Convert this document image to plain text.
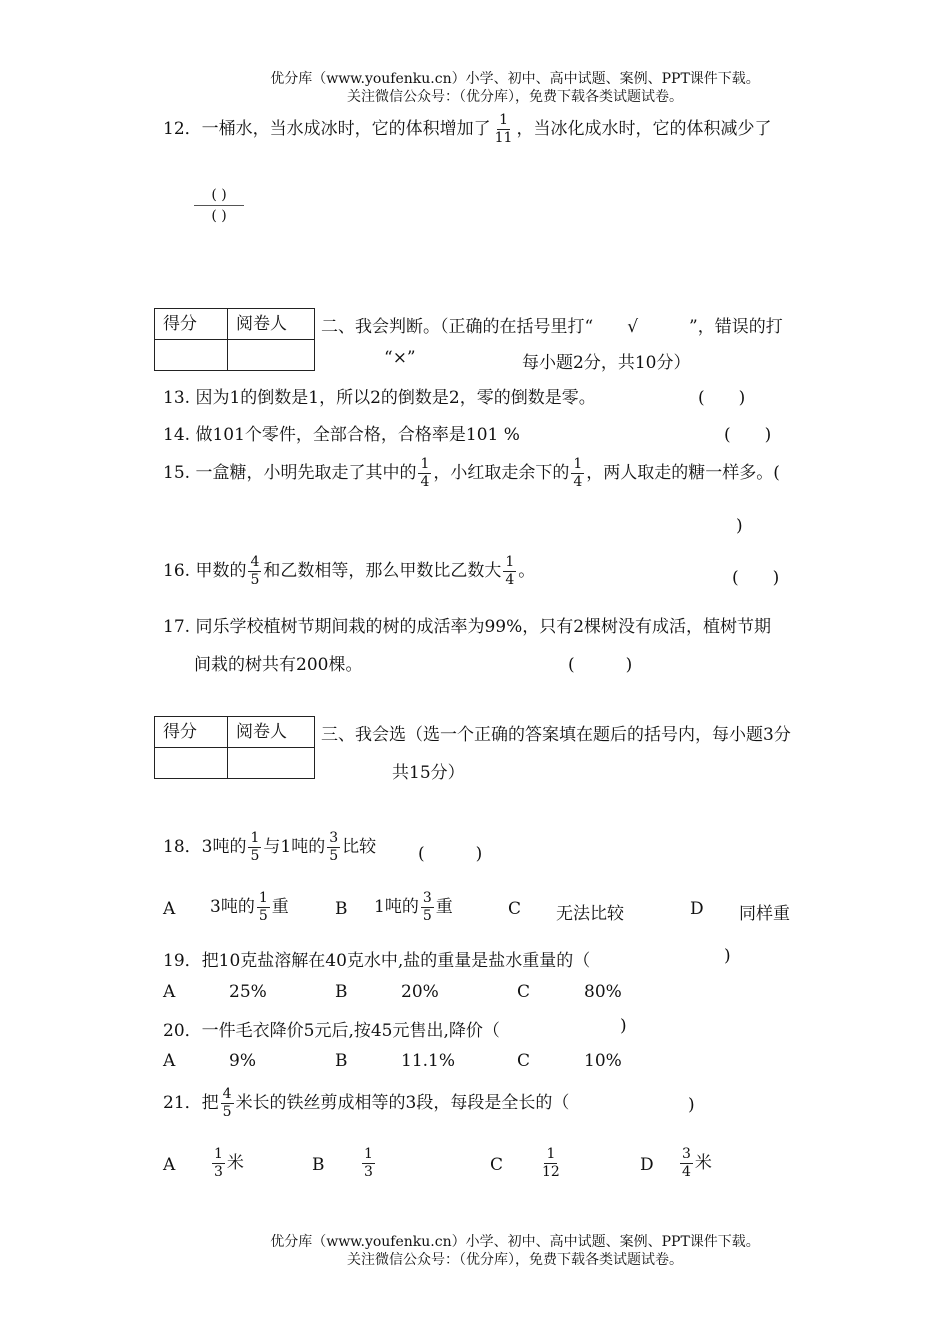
优分库（www.youfenku.cn）小学、初中、高中试题、案例、PPT课件下载。
关注微信公众号：（优分库），免费下载各类试题试卷。
12．一桶水，当水成冰时，它的体积增加了 $\frac{1}{11}$ ，当冰化成水时，它的体积减少了
( )
( )
得分	阅卷人
	二、我会判断。（正确的在括号里打“　　√　　　”，错误的打
“×”	每小题2分，共10分）
13. 因为1的倒数是1，所以2的倒数是2，零的倒数是零。	(　　)
14. 做101个零件，全部合格，合格率是101 %	(　　)
15. 一盒糖，小明先取走了其中的 $\frac{1}{4}$ ，小红取走余下的 $\frac{1}{4}$ ，两人取走的糖一样多。(
)
16. 甲数的 $\frac{4}{5}$ 和乙数相等，那么甲数比乙数大 $\frac{1}{4}$ 。	(　　)
17. 同乐学校植树节期间栽的树的成活率为99%，只有2棵树没有成活，植树节期
间栽的树共有200棵。	(　　　)
得分	阅卷人
	三、我会选（选一个正确的答案填在题后的括号内，每小题3分
共15分）
18．3吨的 $\frac{1}{5}$ 与1吨的 $\frac{3}{5}$ 比较 (　　　)
A 3吨的 $\frac{1}{5}$ 重	B 1吨的 $\frac{3}{5}$ 重	C 无法比较	D 同样重
19．把10克盐溶解在40克水中,盐的重量是盐水重量的（	)
A	25%	B	20%	C	80%
20．一件毛衣降价5元后,按45元售出,降价（	)
A	9%	B	11.1%	C	10%
21．把 $\frac{4}{5}$ 米长的铁丝剪成相等的3段，每段是全长的（	)
A	$\frac{1}{3}$ 米	B	$\frac{1}{3}$	C	$\frac{1}{12}$	D $\frac{3}{4}$ 米
优分库（www.youfenku.cn）小学、初中、高中试题、案例、PPT课件下载。
关注微信公众号：（优分库），免费下载各类试题试卷。
